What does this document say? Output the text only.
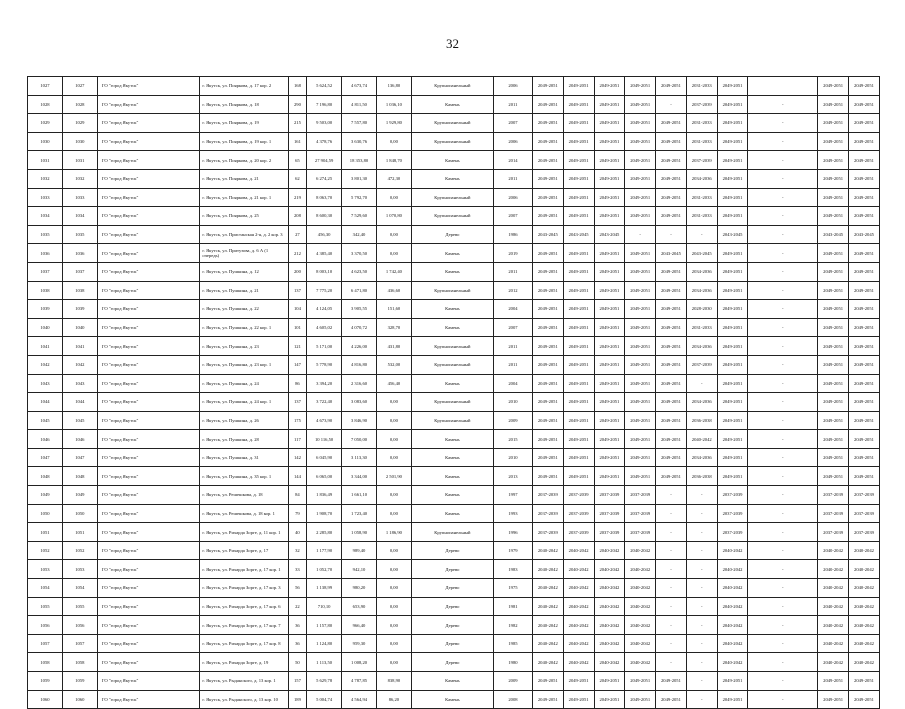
32
1027	1027	ГО "город Якутск"	г. Якутск, ул. Пояркова, д. 17 кор. 2	168	5 624,52	4 673,74	136,80	Крупнопанельный	2006	2049-2051	2049-2051	2049-2051	2049-2051	2049-2051	2031-2033	2049-2051		2049-2051	2049-2051
1028	1028	ГО "город Якутск"	г. Якутск, ул. Пояркова, д. 18	290	7 196,80	4 811,50	1 036,10	Камень	2011	2049-2051	2049-2051	2049-2051	2049-2051	-	2037-2039	2049-2051	-	2049-2051	2049-2051
1029	1029	ГО "город Якутск"	г. Якутск, ул. Пояркова, д. 19	215	9 503,00	7 557,80	1 929,80	Крупнопанельный	2007	2049-2051	2049-2051	2049-2051	2049-2051	2049-2051	2031-2033	2049-2051	-	2049-2051	2049-2051
1030	1030	ГО "город Якутск"	г. Якутск, ул. Пояркова, д. 19 кор. 1	161	4 378,76	3 630,76	0,00	Крупнопанельный	2006	2049-2051	2049-2051	2049-2051	2049-2051	2049-2051	2031-2033	2049-2051	-	2049-2051	2049-2051
1031	1031	ГО "город Якутск"	г. Якутск, ул. Пояркова, д. 20 кор. 2	65	27 904,59	18 353,80	1 848,70	Камень	2014	2049-2051	2049-2051	2049-2051	2049-2051	2049-2051	2037-2039	2049-2051	-	2049-2051	2049-2051
1032	1032	ГО "город Якутск"	г. Якутск, ул. Пояркова, д. 21	62	6 274,25	3 801,30	472,30	Камень	2011	2049-2051	2049-2051	2049-2051	2049-2051	2049-2051	2034-2036	2049-2051	-	2049-2051	2049-2051
1033	1033	ГО "город Якутск"	г. Якутск, ул. Пояркова, д. 21 кор. 1	219	8 063,70	5 792,70	0,00	Крупнопанельный	2006	2049-2051	2049-2051	2049-2051	2049-2051	2049-2051	2031-2033	2049-2051	-	2049-2051	2049-2051
1034	1034	ГО "город Якутск"	г. Якутск, ул. Пояркова, д. 25	208	8 600,30	7 529,60	1 070,80	Крупнопанельный	2007	2049-2051	2049-2051	2049-2051	2049-2051	2049-2051	2031-2033	2049-2051	-	2049-2051	2049-2051
1035	1035	ГО "город Якутск"	г. Якутск, ул. Пристанская 2-я, д. 2 кор. 3	27	456,30	342,40	0,00	Дерево	1986	2043-2045	2043-2045	2043-2045	-	-	-	2043-2045	-	2043-2045	2043-2045
1036	1036	ГО "город Якутск"	г. Якутск, ул. Притузова, д. 6 А (1 очередь)	212	4 385,40	3 370,50	0,00	Камень	2019	2049-2051	2049-2051	2049-2051	2049-2051	2043-2045	2043-2045	2049-2051	-	2049-2051	2049-2051
1037	1037	ГО "город Якутск"	г. Якутск, ул. Пушкина, д. 12	200	8 003,10	4 623,50	1 742,40	Камень	2011	2049-2051	2049-2051	2049-2051	2049-2051	2049-2051	2034-2036	2049-2051	-	2049-2051	2049-2051
1038	1038	ГО "город Якутск"	г. Якутск, ул. Пушкина, д. 21	137	7 775,20	6 471,80	436,60	Крупнопанельный	2012	2049-2051	2049-2051	2049-2051	2049-2051	2049-2051	2034-2036	2049-2051	-	2049-2051	2049-2051
1039	1039	ГО "город Якутск"	г. Якутск, ул. Пушкина, д. 22	104	4 124,05	3 905,55	151,60	Камень	2004	2049-2051	2049-2051	2049-2051	2049-2051	2049-2051	2028-2030	2049-2051	-	2049-2051	2049-2051
1040	1040	ГО "город Якутск"	г. Якутск, ул. Пушкина, д. 22 кор. 1	101	4 605,02	4 070,72	328,70	Камень	2007	2049-2051	2049-2051	2049-2051	2049-2051	2049-2051	2031-2033	2049-2051	-	2049-2051	2049-2051
1041	1041	ГО "город Якутск"	г. Якутск, ул. Пушкина, д. 23	121	5 171,00	4 226,00	431,80	Крупнопанельный	2011	2049-2051	2049-2051	2049-2051	2049-2051	2049-2051	2034-2036	2049-2051	-	2049-2051	2049-2051
1042	1042	ГО "город Якутск"	г. Якутск, ул. Пушкина, д. 23 кор. 1	147	5 778,90	4 816,80	532,00	Крупнопанельный	2011	2049-2051	2049-2051	2049-2051	2049-2051	2049-2051	2037-2039	2049-2051	-	2049-2051	2049-2051
1043	1043	ГО "город Якутск"	г. Якутск, ул. Пушкина, д. 24	86	3 394,20	2 316,60	456,40	Камень	2004	2049-2051	2049-2051	2049-2051	2049-2051	2049-2051	-	2049-2051	-	2049-2051	2049-2051
1044	1044	ГО "город Якутск"	г. Якутск, ул. Пушкина, д. 24 кор. 1	137	3 722,40	3 083,60	0,00	Крупнопанельный	2010	2049-2051	2049-2051	2049-2051	2049-2051	2049-2051	2034-2036	2049-2051	-	2049-2051	2049-2051
1045	1045	ГО "город Якутск"	г. Якутск, ул. Пушкина, д. 26	175	4 673,90	3 846,90	0,00	Крупнопанельный	2009	2049-2051	2049-2051	2049-2051	2049-2051	2049-2051	2036-2038	2049-2051	-	2049-2051	2049-2051
1046	1046	ГО "город Якутск"	г. Якутск, ул. Пушкина, д. 28	117	10 116,50	7 050,00	0,00	Камень	2015	2049-2051	2049-2051	2049-2051	2049-2051	2049-2051	2040-2042	2049-2051	-	2049-2051	2049-2051
1047	1047	ГО "город Якутск"	г. Якутск, ул. Пушкина, д. 31	142	6 045,90	3 113,30	0,00	Камень	2010	2049-2051	2049-2051	2049-2051	2049-2051	2049-2051	2034-2036	2049-2051	-	2049-2051	2049-2051
1048	1048	ГО "город Якутск"	г. Якутск, ул. Пушкина, д. 35 кор. 1	144	6 065,00	3 344,00	2 501,90	Камень	2013	2049-2051	2049-2051	2049-2051	2049-2051	2049-2051	2036-2038	2049-2051	-	2049-2051	2049-2051
1049	1049	ГО "город Якутск"	г. Якутск, ул. Решешкова, д. 18	84	1 836,49	1 661,10	0,00	Камень	1997	2037-2039	2037-2039	2037-2039	2037-2039	-	-	2037-2039	-	2037-2039	2037-2039
1050	1050	ГО "город Якутск"	г. Якутск, ул. Решешкова, д. 18 кор. 1	79	1 908,70	1 723,40	0,00	Камень	1993	2037-2039	2037-2039	2037-2039	2037-2039	-	-	2037-2039	-	2037-2039	2037-2039
1051	1051	ГО "город Якутск"	г. Якутск, ул. Рихарда Зорге, д. 11 кор. 1	40	2 285,80	1 058,90	1 186,90	Крупнопанельный	1996	2037-2039	2037-2039	2037-2039	2037-2039	-	-	2037-2039	-	2037-2039	2037-2039
1052	1052	ГО "город Якутск"	г. Якутск, ул. Рихарда Зорге, д. 17	32	1 177,90	989,40	0,00	Дерево	1979	2040-2042	2040-2042	2040-2042	2040-2042	-	-	2040-2042	-	2040-2042	2040-2042
1053	1053	ГО "город Якутск"	г. Якутск, ул. Рихарда Зорге, д. 17 кор. 1	33	1 052,70	942,10	0,00	Дерево	1983	2040-2042	2040-2042	2040-2042	2040-2042	-	-	2040-2042	-	2040-2042	2040-2042
1054	1054	ГО "город Якутск"	г. Якутск, ул. Рихарда Зорге, д. 17 кор. 3	56	1 138,99	980,20	0,00	Дерево	1975	2040-2042	2040-2042	2040-2042	2040-2042	-	-	2040-2042	-	2040-2042	2040-2042
1055	1055	ГО "город Якутск"	г. Якутск, ул. Рихарда Зорге, д. 17 кор. 6	22	710,10	653,90	0,00	Дерево	1981	2040-2042	2040-2042	2040-2042	2040-2042	-	-	2040-2042	-	2040-2042	2040-2042
1056	1056	ГО "город Якутск"	г. Якутск, ул. Рихарда Зорге, д. 17 кор. 7	36	1 157,80	966,40	0,00	Дерево	1982	2040-2042	2040-2042	2040-2042	2040-2042	-	-	2040-2042	-	2040-2042	2040-2042
1057	1057	ГО "город Якутск"	г. Якутск, ул. Рихарда Зорге, д. 17 кор. 8	36	1 124,80	959,30	0,00	Дерево	1985	2040-2042	2040-2042	2040-2042	2040-2042	-	-	2040-2042	-	2040-2042	2040-2042
1058	1058	ГО "город Якутск"	г. Якутск, ул. Рихарда Зорге, д. 19	50	1 113,50	1 008,20	0,00	Дерево	1980	2040-2042	2040-2042	2040-2042	2040-2042	-	-	2040-2042	-	2040-2042	2040-2042
1059	1059	ГО "город Якутск"	г. Якутск, ул. Рыданского, д. 13 кор. 1	157	5 629,78	4 787,85	838,90	Камень	2009	2049-2051	2049-2051	2049-2051	2049-2051	2049-2051	-	2049-2051	-	2049-2051	2049-2051
1060	1060	ГО "город Якутск"	г. Якутск, ул. Рыданского, д. 13 кор. 10	189	5 004,74	4 564,94	86,20	Камень	2008	2049-2051	2049-2051	2049-2051	2049-2051	2049-2051	-	2049-2051	-	2049-2051	2049-2051
